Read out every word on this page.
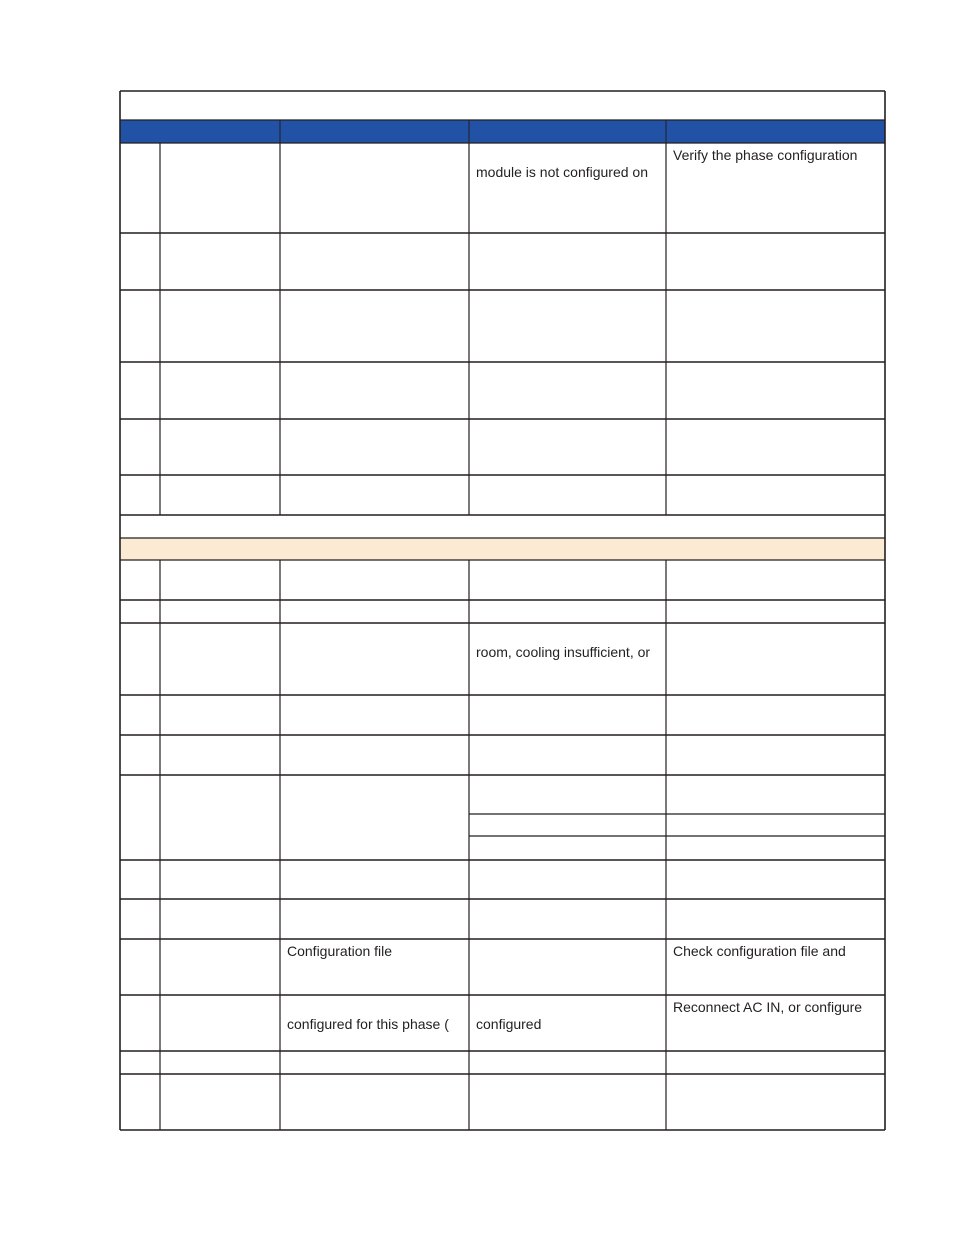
module is not configured on
Verify the phase configuration
room, cooling insufficient, or
Configuration file	Check configuration file and
configured for this phase ( configured
Reconnect AC IN, or configure
